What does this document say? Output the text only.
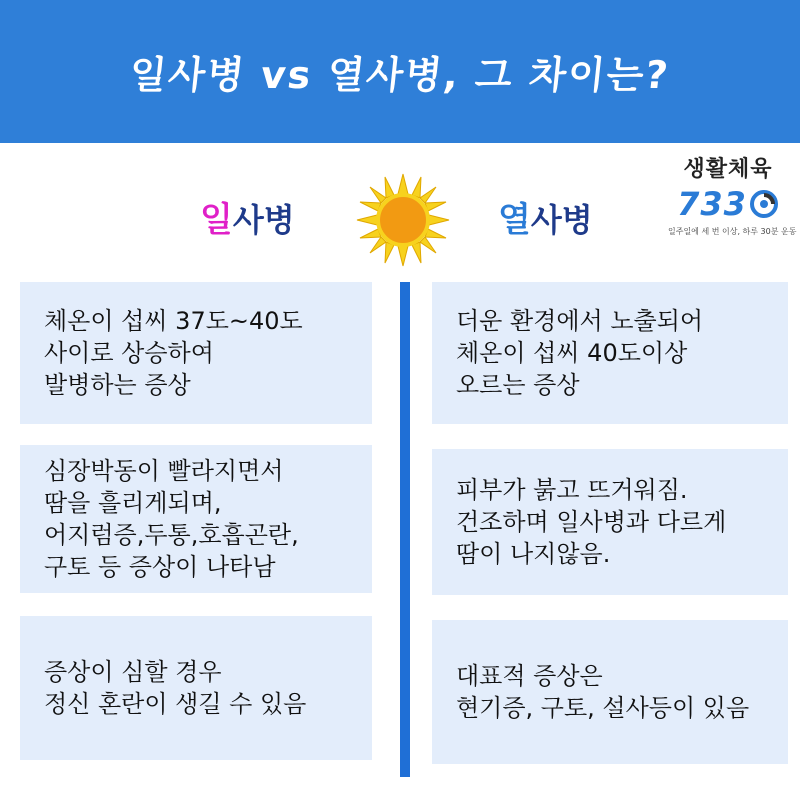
일사병 vs 열사병, 그 차이는?
일사병	열사병
생활체육
733
일주일에 세 번 이상, 하루 30분 운동
체온이 섭씨 37도~40도
사이로 상승하여
발병하는 증상
심장박동이 빨라지면서
땀을 흘리게되며,
어지럼증,두통,호흡곤란,
구토 등 증상이 나타남
증상이 심할 경우
정신 혼란이 생길 수 있음
더운 환경에서 노출되어
체온이 섭씨 40도이상
오르는 증상
피부가 붉고 뜨거워짐.
건조하며 일사병과 다르게
땀이 나지않음.
대표적 증상은
현기증, 구토, 설사등이 있음
